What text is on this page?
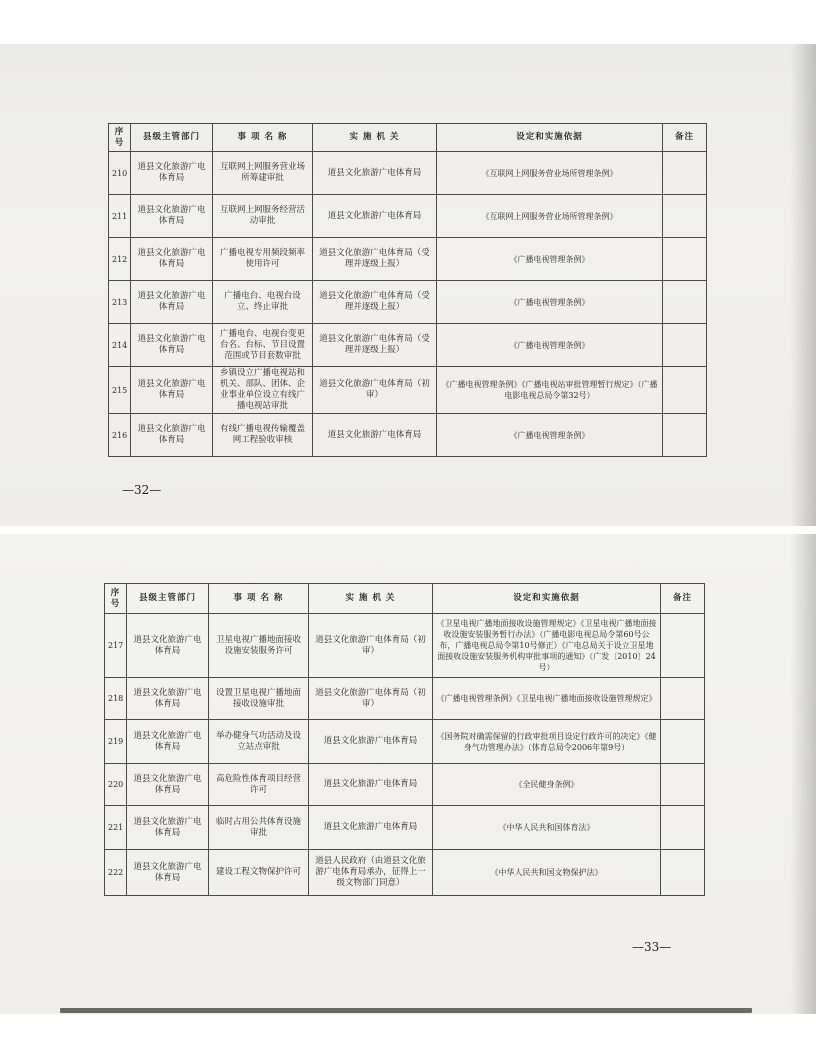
序号	县级主管部门	事 项 名 称	实 施 机 关	设定和实施依据	备注
210	道县文化旅游广电体育局	互联网上网服务营业场所筹建审批	道县文化旅游广电体育局	《互联网上网服务营业场所管理条例》	
211	道县文化旅游广电体育局	互联网上网服务经营活动审批	道县文化旅游广电体育局	《互联网上网服务营业场所管理条例》	
212	道县文化旅游广电体育局	广播电视专用频段频率使用许可	道县文化旅游广电体育局（受理并逐级上报）	《广播电视管理条例》	
213	道县文化旅游广电体育局	广播电台、电视台设立、终止审批	道县文化旅游广电体育局（受理并逐级上报）	《广播电视管理条例》	
214	道县文化旅游广电体育局	广播电台、电视台变更台名、台标、节目设置范围或节目套数审批	道县文化旅游广电体育局（受理并逐级上报）	《广播电视管理条例》	
215	道县文化旅游广电体育局	乡镇设立广播电视站和机关、部队、团体、企业事业单位设立有线广播电视站审批	道县文化旅游广电体育局（初审）	《广播电视管理条例》《广播电视站审批管理暂行规定》（广播电影电视总局令第32号）	
216	道县文化旅游广电体育局	有线广播电视传输覆盖网工程验收审核	道县文化旅游广电体育局	《广播电视管理条例》	
—32—
序号	县级主管部门	事 项 名 称	实 施 机 关	设定和实施依据	备注
217	道县文化旅游广电体育局	卫星电视广播地面接收设施安装服务许可	道县文化旅游广电体育局（初审）	《卫星电视广播地面接收设施管理规定》《卫星电视广播地面接收设施安装服务暂行办法》（广播电影电视总局令第60号公布，广播电视总局令第10号修正）《广电总局关于设立卫星地面接收设施安装服务机构审批事项的通知》（广发〔2010〕24号）	
218	道县文化旅游广电体育局	设置卫星电视广播地面接收设施审批	道县文化旅游广电体育局（初审）	《广播电视管理条例》《卫星电视广播地面接收设施管理规定》	
219	道县文化旅游广电体育局	举办健身气功活动及设立站点审批	道县文化旅游广电体育局	《国务院对确需保留的行政审批项目设定行政许可的决定》《健身气功管理办法》（体育总局令2006年第9号）	
220	道县文化旅游广电体育局	高危险性体育项目经营许可	道县文化旅游广电体育局	《全民健身条例》	
221	道县文化旅游广电体育局	临时占用公共体育设施审批	道县文化旅游广电体育局	《中华人民共和国体育法》	
222	道县文化旅游广电体育局	建设工程文物保护许可	道县人民政府（由道县文化旅游广电体育局承办，征得上一级文物部门同意）	《中华人民共和国文物保护法》	
—33—
